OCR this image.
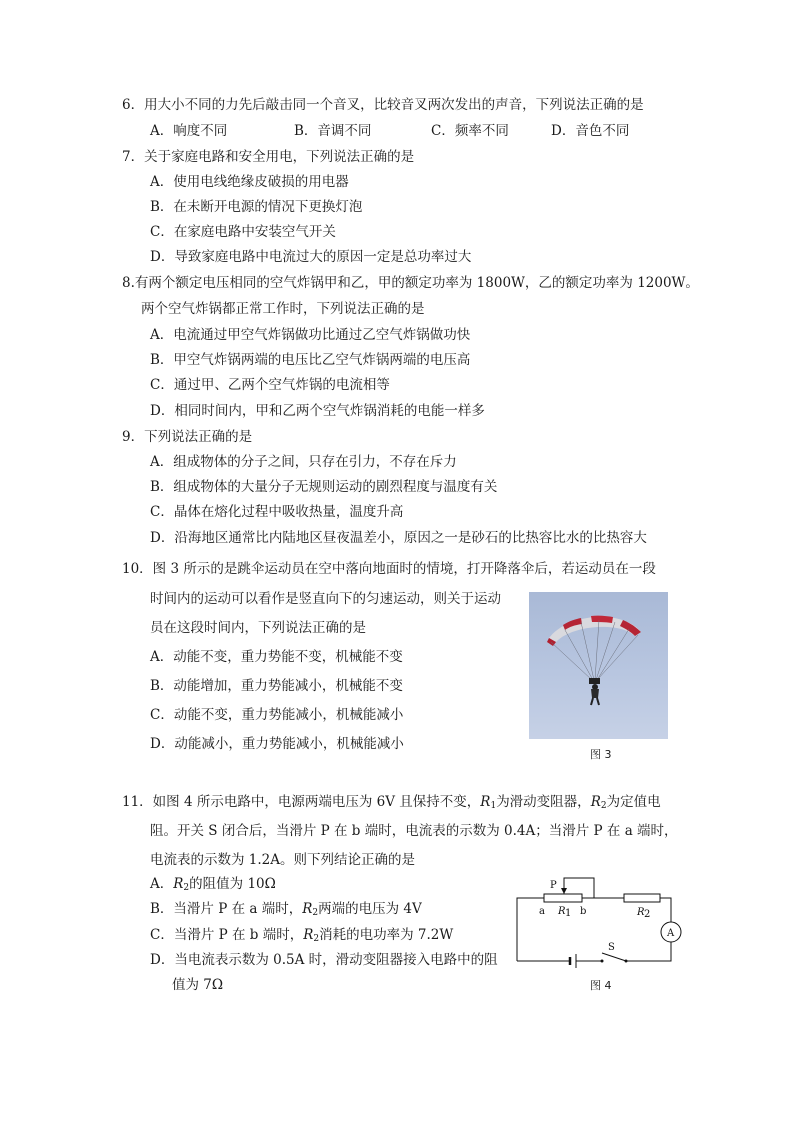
6．用大小不同的力先后敲击同一个音叉，比较音叉两次发出的声音，下列说法正确的是
A．响度不同	B．音调不同	C．频率不同	D．音色不同
7．关于家庭电路和安全用电，下列说法正确的是
A．使用电线绝缘皮破损的用电器
B．在未断开电源的情况下更换灯泡
C．在家庭电路中安装空气开关
D．导致家庭电路中电流过大的原因一定是总功率过大
8.有两个额定电压相同的空气炸锅甲和乙，甲的额定功率为 1800W，乙的额定功率为 1200W。
两个空气炸锅都正常工作时，下列说法正确的是
A．电流通过甲空气炸锅做功比通过乙空气炸锅做功快
B．甲空气炸锅两端的电压比乙空气炸锅两端的电压高
C．通过甲、乙两个空气炸锅的电流相等
D．相同时间内，甲和乙两个空气炸锅消耗的电能一样多
9．下列说法正确的是
A．组成物体的分子之间，只存在引力，不存在斥力
B．组成物体的大量分子无规则运动的剧烈程度与温度有关
C．晶体在熔化过程中吸收热量，温度升高
D．沿海地区通常比内陆地区昼夜温差小，原因之一是砂石的比热容比水的比热容大
10．图 3 所示的是跳伞运动员在空中落向地面时的情境，打开降落伞后，若运动员在一段
时间内的运动可以看作是竖直向下的匀速运动，则关于运动
员在这段时间内，下列说法正确的是
A．动能不变，重力势能不变，机械能不变
B．动能增加，重力势能减小，机械能不变
C．动能不变，重力势能减小，机械能减小
D．动能减小，重力势能减小，机械能减小
图 3
11．如图 4 所示电路中，电源两端电压为 6V 且保持不变，$R_1$为滑动变阻器，$R_2$为定值电
阻。开关 S 闭合后，当滑片 P 在 b 端时，电流表的示数为 0.4A；当滑片 P 在 a 端时，
电流表的示数为 1.2A。则下列结论正确的是
A．$R_2$的阻值为 10Ω
B．当滑片 P 在 a 端时，$R_2$两端的电压为 4V
C．当滑片 P 在 b 端时，$R_2$消耗的电功率为 7.2W
D．当电流表示数为 0.5A 时，滑动变阻器接入电路中的阻
值为 7Ω
P
a R 1 b	R 2
A
S
图 4
